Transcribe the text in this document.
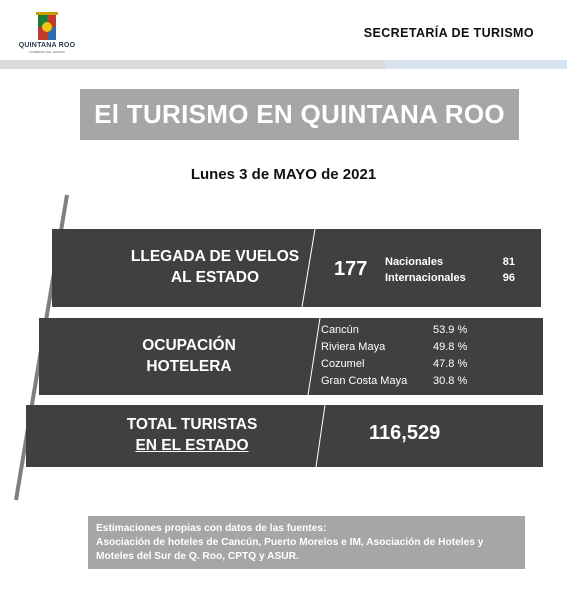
QUINTANA ROO
GOBIERNO DEL ESTADO
SECRETARÍA DE TURISMO
El TURISMO EN QUINTANA ROO
Lunes 3 de MAYO de 2021
LLEGADA DE VUELOS
AL ESTADO	177 Nacionales	81
Internacionales	96
OCUPACIÓN
HOTELERA
Cancún	53.9 %
Riviera Maya	49.8 %
Cozumel	47.8 %
Gran Costa Maya 30.8 %
TOTAL TURISTAS
EN EL ESTADO
116,529
Estimaciones propias con datos de las fuentes:
Asociación de hoteles de Cancún, Puerto Morelos e IM, Asociación de Hoteles y Moteles del Sur de Q. Roo, CPTQ y ASUR.
